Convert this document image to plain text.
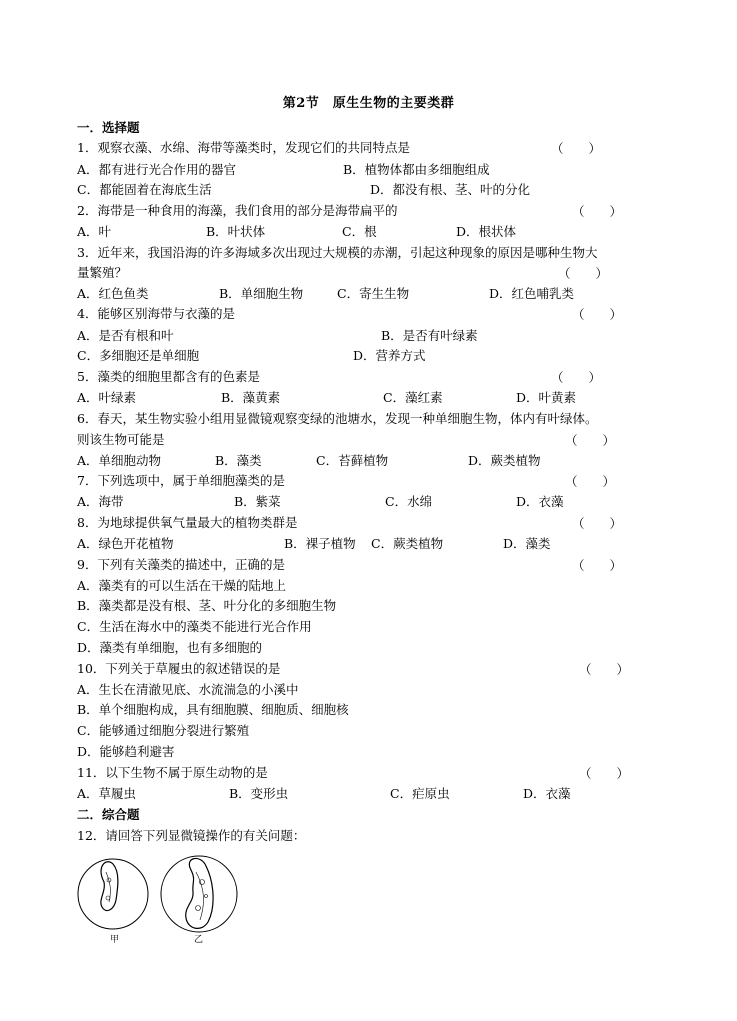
第2节　原生生物的主要类群
一．选择题
1．观察衣藻、水绵、海带等藻类时，发现它们的共同特点是	（　　）
A．都有进行光合作用的器官	B．植物体都由多细胞组成
C．都能固着在海底生活	D．都没有根、茎、叶的分化
2．海带是一种食用的海藻，我们食用的部分是海带扁平的	（　　）
A．叶	B．叶状体	C．根	D．根状体
3．近年来，我国沿海的许多海域多次出现过大规模的赤潮，引起这种现象的原因是哪种生物大
量繁殖？	（　　）
A．红色鱼类	B．单细胞生物	C．寄生生物	D．红色哺乳类
4．能够区别海带与衣藻的是	（　　）
A．是否有根和叶	B．是否有叶绿素
C．多细胞还是单细胞	D．营养方式
5．藻类的细胞里都含有的色素是	（　　）
A．叶绿素	B．藻黄素	C．藻红素	D．叶黄素
6．春天，某生物实验小组用显微镜观察变绿的池塘水，发现一种单细胞生物，体内有叶绿体。
则该生物可能是	（　　）
A．单细胞动物	B．藻类	C．苔藓植物	D．蕨类植物
7．下列选项中，属于单细胞藻类的是	（　　）
A．海带	B．紫菜	C．水绵	D．衣藻
8．为地球提供氧气量最大的植物类群是	（　　）
A．绿色开花植物	B．裸子植物 C．蕨类植物	D．藻类
9．下列有关藻类的描述中，正确的是	（　　）
A．藻类有的可以生活在干燥的陆地上
B．藻类都是没有根、茎、叶分化的多细胞生物
C．生活在海水中的藻类不能进行光合作用
D．藻类有单细胞，也有多细胞的
10．下列关于草履虫的叙述错误的是	（　　）
A．生长在清澈见底、水流湍急的小溪中
B．单个细胞构成，具有细胞膜、细胞质、细胞核
C．能够通过细胞分裂进行繁殖
D．能够趋利避害
11．以下生物不属于原生动物的是	（　　）
A．草履虫	B．变形虫	C．疟原虫	D．衣藻
二．综合题
12．请回答下列显微镜操作的有关问题：
甲	乙
